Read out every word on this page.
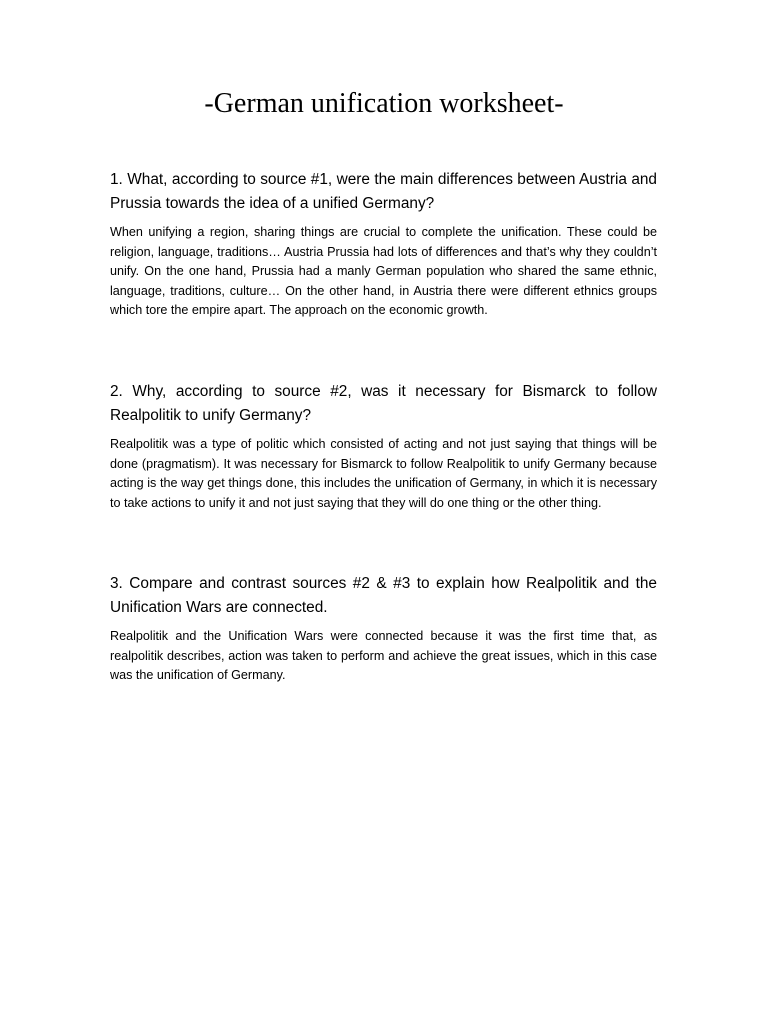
-German unification worksheet-

1. What, according to source #1, were the main differences between Austria and Prussia towards the idea of a unified Germany?

When unifying a region, sharing things are crucial to complete the unification. These could be religion, language, traditions… Austria Prussia had lots of differences and that’s why they couldn’t unify. On the one hand, Prussia had a manly German population who shared the same ethnic, language, traditions, culture… On the other hand, in Austria there were different ethnics groups which tore the empire apart. The approach on the economic growth.

2. Why, according to source #2, was it necessary for Bismarck to follow Realpolitik to unify Germany?

Realpolitik was a type of politic which consisted of acting and not just saying that things will be done (pragmatism). It was necessary for Bismarck to follow Realpolitik to unify Germany because acting is the way get things done, this includes the unification of Germany, in which it is necessary to take actions to unify it and not just saying that they will do one thing or the other thing.

3. Compare and contrast sources #2 & #3 to explain how Realpolitik and the Unification Wars are connected.

Realpolitik and the Unification Wars were connected because it was the first time that, as realpolitik describes, action was taken to perform and achieve the great issues, which in this case was the unification of Germany.
